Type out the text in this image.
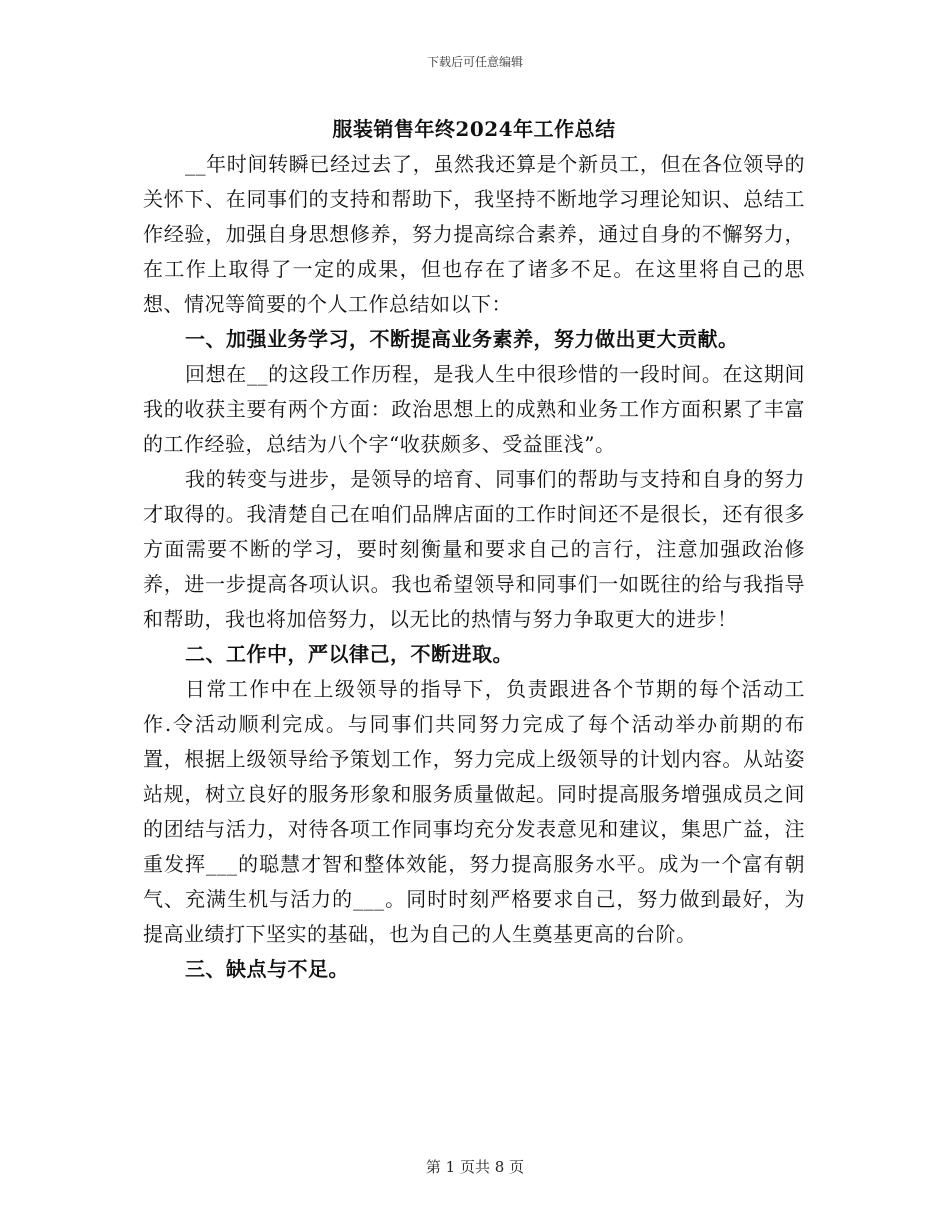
下载后可任意编辑
服装销售年终2024年工作总结

__年时间转瞬已经过去了，虽然我还算是个新员工，但在各位领导的关怀下、在同事们的支持和帮助下，我坚持不断地学习理论知识、总结工作经验，加强自身思想修养，努力提高综合素养，通过自身的不懈努力，在工作上取得了一定的成果，但也存在了诸多不足。在这里将自己的思想、情况等简要的个人工作总结如以下：

一、加强业务学习，不断提高业务素养，努力做出更大贡献。

回想在__的这段工作历程，是我人生中很珍惜的一段时间。在这期间我的收获主要有两个方面：政治思想上的成熟和业务工作方面积累了丰富的工作经验，总结为八个字“收获颇多、受益匪浅”。

我的转变与进步，是领导的培育、同事们的帮助与支持和自身的努力才取得的。我清楚自己在咱们品牌店面的工作时间还不是很长，还有很多方面需要不断的学习，要时刻衡量和要求自己的言行，注意加强政治修养，进一步提高各项认识。我也希望领导和同事们一如既往的给与我指导和帮助，我也将加倍努力，以无比的热情与努力争取更大的进步！

二、工作中，严以律己，不断进取。

日常工作中在上级领导的指导下，负责跟进各个节期的每个活动工作.令活动顺利完成。与同事们共同努力完成了每个活动举办前期的布置，根据上级领导给予策划工作，努力完成上级领导的计划内容。从站姿站规，树立良好的服务形象和服务质量做起。同时提高服务增强成员之间的团结与活力，对待各项工作同事均充分发表意见和建议，集思广益，注重发挥___的聪慧才智和整体效能，努力提高服务水平。成为一个富有朝气、充满生机与活力的___。同时时刻严格要求自己，努力做到最好，为提高业绩打下坚实的基础，也为自己的人生奠基更高的台阶。

三、缺点与不足。

第 1 页共 8 页
